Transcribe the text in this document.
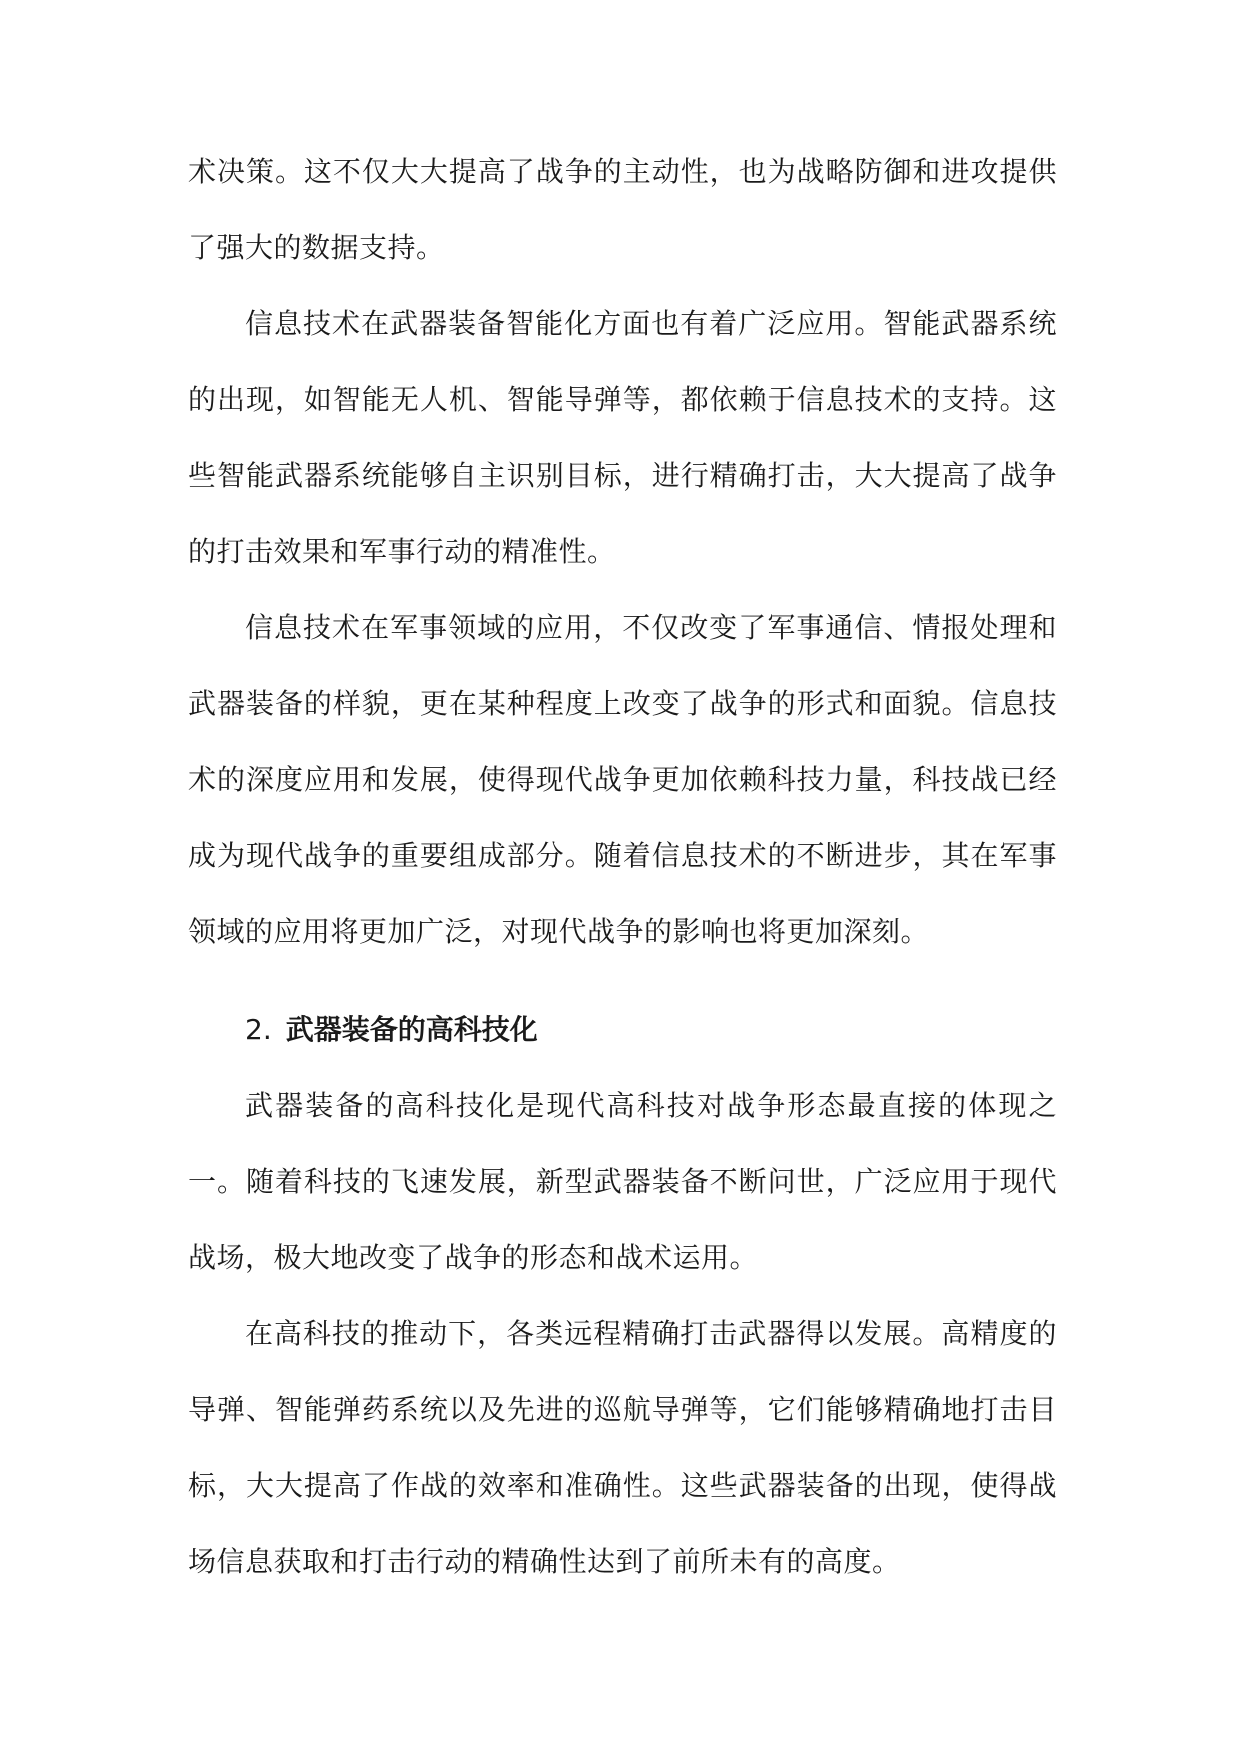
术决策。这不仅大大提高了战争的主动性，也为战略防御和进攻提供了强大的数据支持。

信息技术在武器装备智能化方面也有着广泛应用。智能武器系统的出现，如智能无人机、智能导弹等，都依赖于信息技术的支持。这些智能武器系统能够自主识别目标，进行精确打击，大大提高了战争的打击效果和军事行动的精准性。

信息技术在军事领域的应用，不仅改变了军事通信、情报处理和武器装备的样貌，更在某种程度上改变了战争的形式和面貌。信息技术的深度应用和发展，使得现代战争更加依赖科技力量，科技战已经成为现代战争的重要组成部分。随着信息技术的不断进步，其在军事领域的应用将更加广泛，对现代战争的影响也将更加深刻。

2. 武器装备的高科技化

武器装备的高科技化是现代高科技对战争形态最直接的体现之一。随着科技的飞速发展，新型武器装备不断问世，广泛应用于现代战场，极大地改变了战争的形态和战术运用。

在高科技的推动下，各类远程精确打击武器得以发展。高精度的导弹、智能弹药系统以及先进的巡航导弹等，它们能够精确地打击目标，大大提高了作战的效率和准确性。这些武器装备的出现，使得战场信息获取和打击行动的精确性达到了前所未有的高度。
